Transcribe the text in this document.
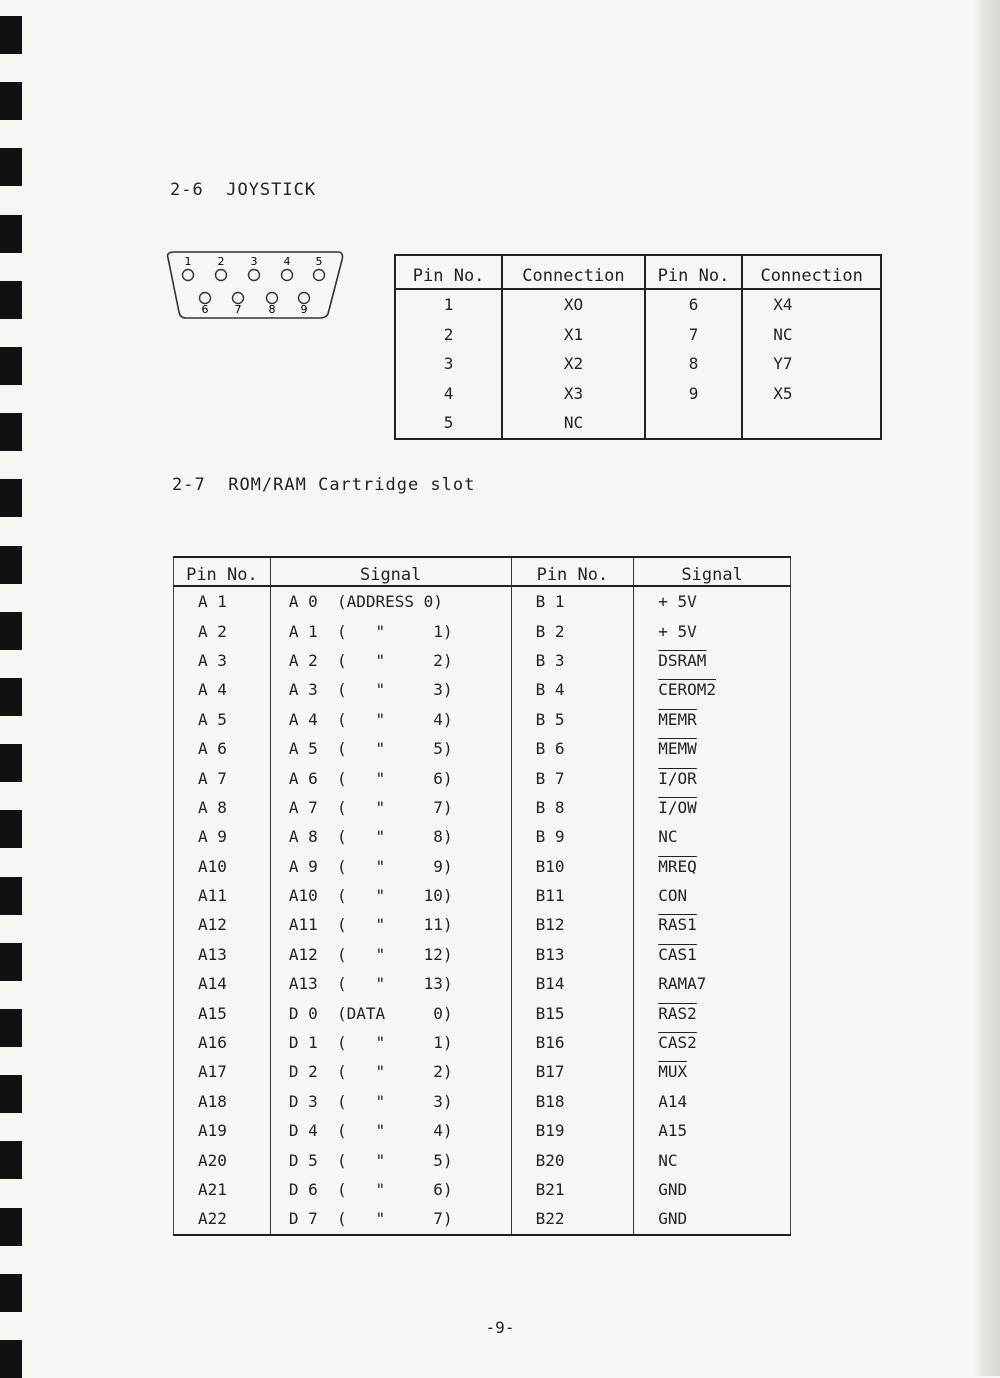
2-6 JOYSTICK
1 2 3 4 5
6 7 8 9
Pin No.	Connection	Pin No.	Connection
1	XO	6	X4
2	X1	7	NC
3	X2	8	Y7
4	X3	9	X5
5	NC		
2-7 ROM/RAM Cartridge slot
Pin No.	Signal	Pin No.	Signal
A 1	A 0  (ADDRESS 0)	B 1	+ 5V
A 2	A 1  (   "     1)	B 2	+ 5V
A 3	A 2  (   "     2)	B 3	DSRAM
A 4	A 3  (   "     3)	B 4	CEROM2
A 5	A 4  (   "     4)	B 5	MEMR
A 6	A 5  (   "     5)	B 6	MEMW
A 7	A 6  (   "     6)	B 7	I/OR
A 8	A 7  (   "     7)	B 8	I/OW
A 9	A 8  (   "     8)	B 9	NC
A10	A 9  (   "     9)	B10	MREQ
A11	A10  (   "    10)	B11	CON
A12	A11  (   "    11)	B12	RAS1
A13	A12  (   "    12)	B13	CAS1
A14	A13  (   "    13)	B14	RAMA7
A15	D 0  (DATA     0)	B15	RAS2
A16	D 1  (   "     1)	B16	CAS2
A17	D 2  (   "     2)	B17	$\overline{MUX}$
A18	D 3  (   "     3)	B18	A14
A19	D 4  (   "     4)	B19	A15
A20	D 5  (   "     5)	B20	NC
A21	D 6  (   "     6)	B21	GND
A22	D 7  (   "     7)	B22	GND
-9-
